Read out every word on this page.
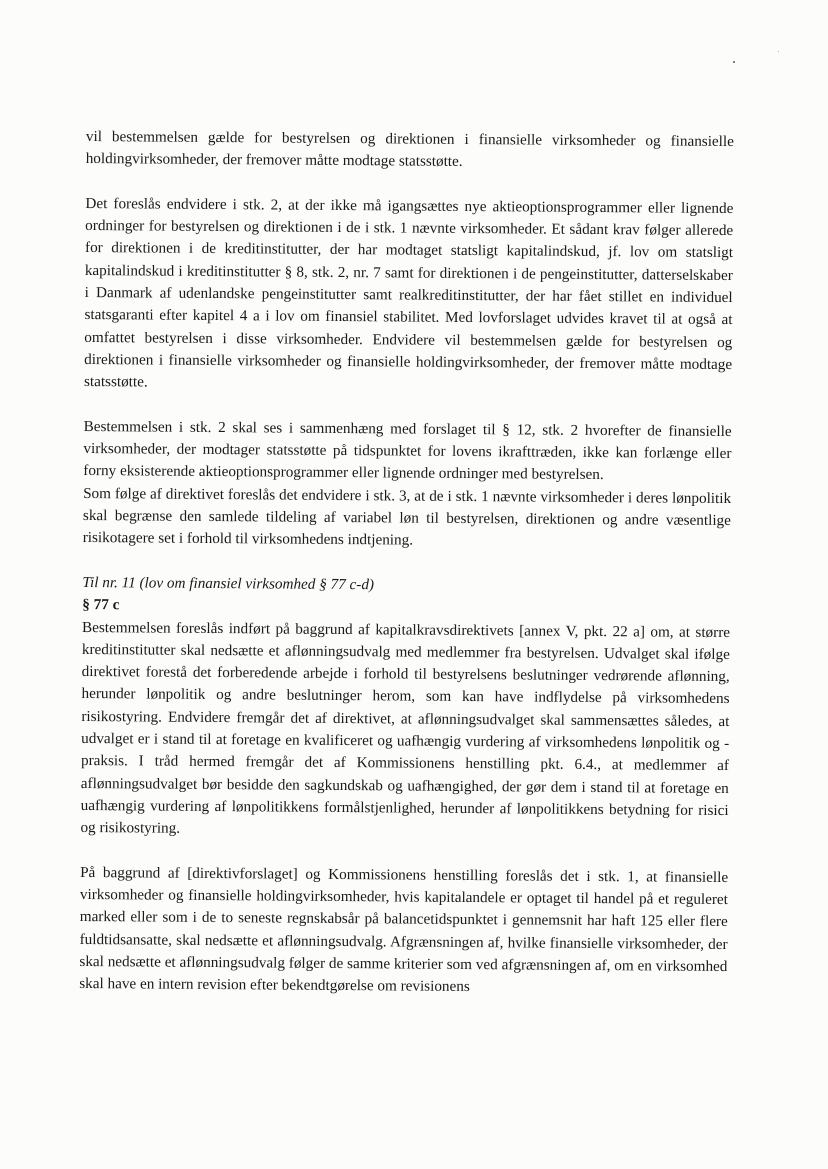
vil bestemmelsen gælde for bestyrelsen og direktionen i finansielle virksomheder og finansielle holdingvirksomheder, der fremover måtte modtage statsstøtte.

Det foreslås endvidere i stk. 2, at der ikke må igangsættes nye aktieoptionsprogrammer eller lignende ordninger for bestyrelsen og direktionen i de i stk. 1 nævnte virksomheder. Et sådant krav følger allerede for direktionen i de kreditinstitutter, der har modtaget statsligt kapitalindskud, jf. lov om statsligt kapitalindskud i kreditinstitutter § 8, stk. 2, nr. 7 samt for direktionen i de pengeinstitutter, datterselskaber i Danmark af udenlandske pengeinstitutter samt realkreditinstitutter, der har fået stillet en individuel statsgaranti efter kapitel 4 a i lov om finansiel stabilitet. Med lovforslaget udvides kravet til at også at omfattet bestyrelsen i disse virksomheder. Endvidere vil bestemmelsen gælde for bestyrelsen og direktionen i finansielle virksomheder og finansielle holdingvirksomheder, der fremover måtte modtage statsstøtte.

Bestemmelsen i stk. 2 skal ses i sammenhæng med forslaget til § 12, stk. 2 hvorefter de finansielle virksomheder, der modtager statsstøtte på tidspunktet for lovens ikrafttræden, ikke kan forlænge eller forny eksisterende aktieoptionsprogrammer eller lignende ordninger med bestyrelsen.

Som følge af direktivet foreslås det endvidere i stk. 3, at de i stk. 1 nævnte virksomheder i deres lønpolitik skal begrænse den samlede tildeling af variabel løn til bestyrelsen, direktionen og andre væsentlige risikotagere set i forhold til virksomhedens indtjening.

Til nr. 11 (lov om finansiel virksomhed § 77 c-d)

§ 77 c

Bestemmelsen foreslås indført på baggrund af kapitalkravsdirektivets [annex V, pkt. 22 a] om, at større kreditinstitutter skal nedsætte et aflønningsudvalg med medlemmer fra bestyrelsen. Udvalget skal ifølge direktivet forestå det forberedende arbejde i forhold til bestyrelsens beslutninger vedrørende aflønning, herunder lønpolitik og andre beslutninger herom, som kan have indflydelse på virksomhedens risikostyring. Endvidere fremgår det af direktivet, at aflønningsudvalget skal sammensættes således, at udvalget er i stand til at foretage en kvalificeret og uafhængig vurdering af virksomhedens lønpolitik og -praksis. I tråd hermed fremgår det af Kommissionens henstilling pkt. 6.4., at medlemmer af aflønningsudvalget bør besidde den sagkundskab og uafhængighed, der gør dem i stand til at foretage en uafhængig vurdering af lønpolitikkens formålstjenlighed, herunder af lønpolitikkens betydning for risici og risikostyring.

På baggrund af [direktivforslaget] og Kommissionens henstilling foreslås det i stk. 1, at finansielle virksomheder og finansielle holdingvirksomheder, hvis kapitalandele er optaget til handel på et reguleret marked eller som i de to seneste regnskabsår på balancetidspunktet i gennemsnit har haft 125 eller flere fuldtidsansatte, skal nedsætte et aflønningsudvalg. Afgrænsningen af, hvilke finansielle virksomheder, der skal nedsætte et aflønningsudvalg følger de samme kriterier som ved afgrænsningen af, om en virksomhed skal have en intern revision efter bekendtgørelse om revisionens
